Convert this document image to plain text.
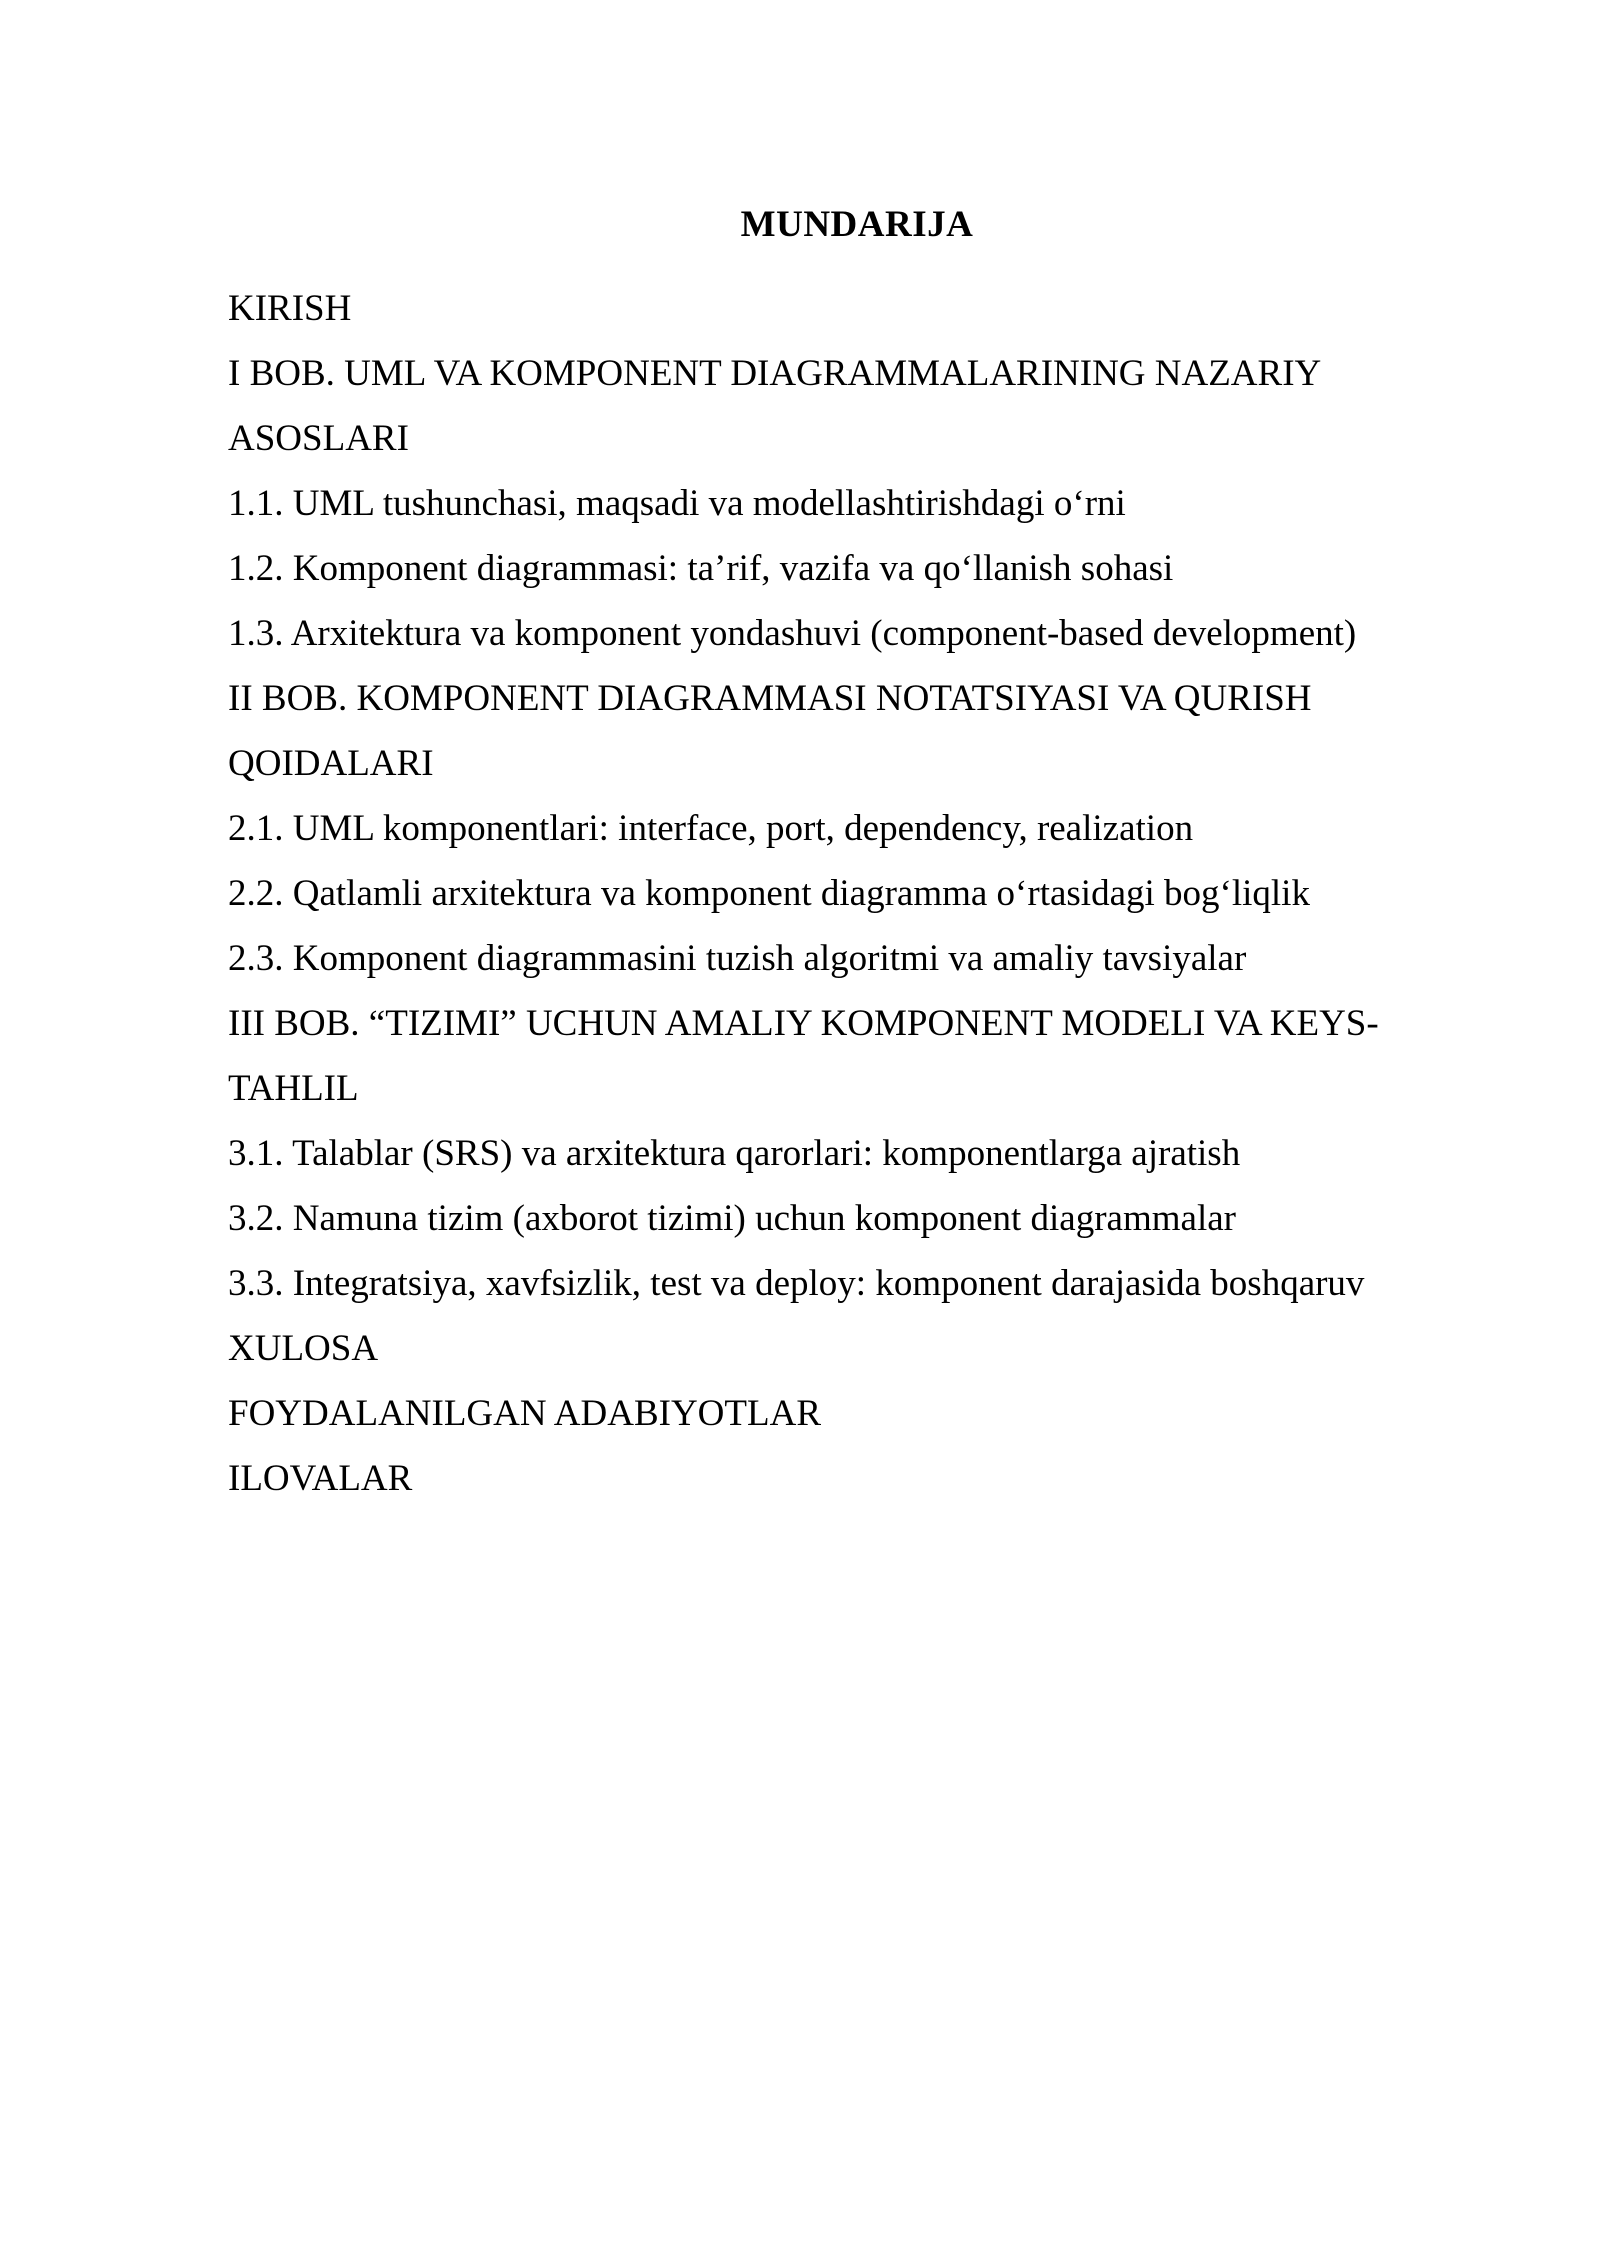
MUNDARIJA
KIRISH
I BOB. UML VA KOMPONENT DIAGRAMMALARINING NAZARIY
ASOSLARI
1.1. UML tushunchasi, maqsadi va modellashtirishdagi o‘rni
1.2. Komponent diagrammasi: ta’rif, vazifa va qo‘llanish sohasi
1.3. Arxitektura va komponent yondashuvi (component-based development)
II BOB. KOMPONENT DIAGRAMMASI NOTATSIYASI VA QURISH
QOIDALARI
2.1. UML komponentlari: interface, port, dependency, realization
2.2. Qatlamli arxitektura va komponent diagramma o‘rtasidagi bog‘liqlik
2.3. Komponent diagrammasini tuzish algoritmi va amaliy tavsiyalar
III BOB. “TIZIMI” UCHUN AMALIY KOMPONENT MODELI VA KEYS-
TAHLIL
3.1. Talablar (SRS) va arxitektura qarorlari: komponentlarga ajratish
3.2. Namuna tizim (axborot tizimi) uchun komponent diagrammalar
3.3. Integratsiya, xavfsizlik, test va deploy: komponent darajasida boshqaruv
XULOSA
FOYDALANILGAN ADABIYOTLAR
ILOVALAR
